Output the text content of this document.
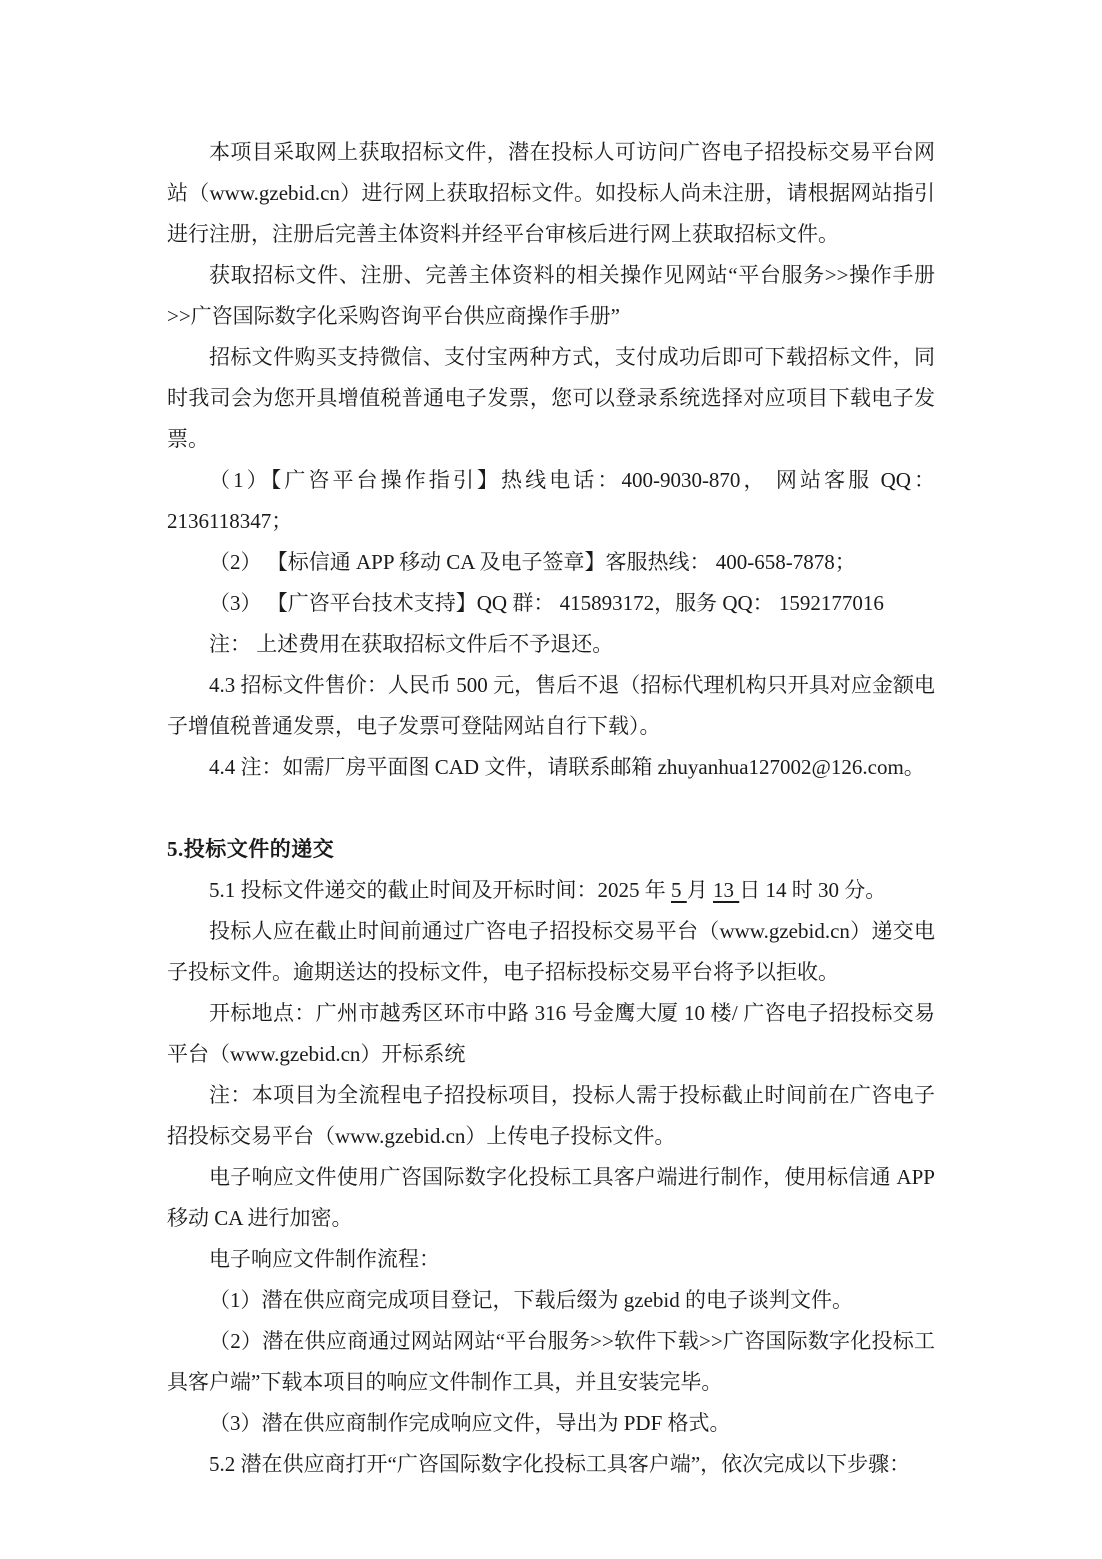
本项目采取网上获取招标文件，潜在投标人可访问广咨电子招投标交易平台网站（www.gzebid.cn）进行网上获取招标文件。如投标人尚未注册，请根据网站指引进行注册，注册后完善主体资料并经平台审核后进行网上获取招标文件。

获取招标文件、注册、完善主体资料的相关操作见网站“平台服务>>操作手册>>广咨国际数字化采购咨询平台供应商操作手册”

招标文件购买支持微信、支付宝两种方式，支付成功后即可下载招标文件，同时我司会为您开具增值税普通电子发票，您可以登录系统选择对应项目下载电子发票。

（1）【广咨平台操作指引】热线电话：400-9030-870， 网站客服 QQ：2136118347；

（2） 【标信通 APP 移动 CA 及电子签章】客服热线： 400-658-7878；

（3） 【广咨平台技术支持】QQ 群： 415893172，服务 QQ： 1592177016

注： 上述费用在获取招标文件后不予退还。

4.3 招标文件售价：人民币 500 元，售后不退（招标代理机构只开具对应金额电子增值税普通发票，电子发票可登陆网站自行下载）。

4.4 注：如需厂房平面图 CAD 文件，请联系邮箱 zhuyanhua127002@126.com。

5.投标文件的递交

5.1 投标文件递交的截止时间及开标时间：2025 年 5 月 13 日 14 时 30 分。

投标人应在截止时间前通过广咨电子招投标交易平台（www.gzebid.cn）递交电子投标文件。逾期送达的投标文件，电子招标投标交易平台将予以拒收。

开标地点：广州市越秀区环市中路 316 号金鹰大厦 10 楼/ 广咨电子招投标交易平台（www.gzebid.cn）开标系统

注：本项目为全流程电子招投标项目，投标人需于投标截止时间前在广咨电子招投标交易平台（www.gzebid.cn）上传电子投标文件。

电子响应文件使用广咨国际数字化投标工具客户端进行制作，使用标信通 APP 移动 CA 进行加密。

电子响应文件制作流程：

（1）潜在供应商完成项目登记，下载后缀为 gzebid 的电子谈判文件。

（2）潜在供应商通过网站网站“平台服务>>软件下载>>广咨国际数字化投标工具客户端”下载本项目的响应文件制作工具，并且安装完毕。

（3）潜在供应商制作完成响应文件，导出为 PDF 格式。

5.2 潜在供应商打开“广咨国际数字化投标工具客户端”，依次完成以下步骤：
